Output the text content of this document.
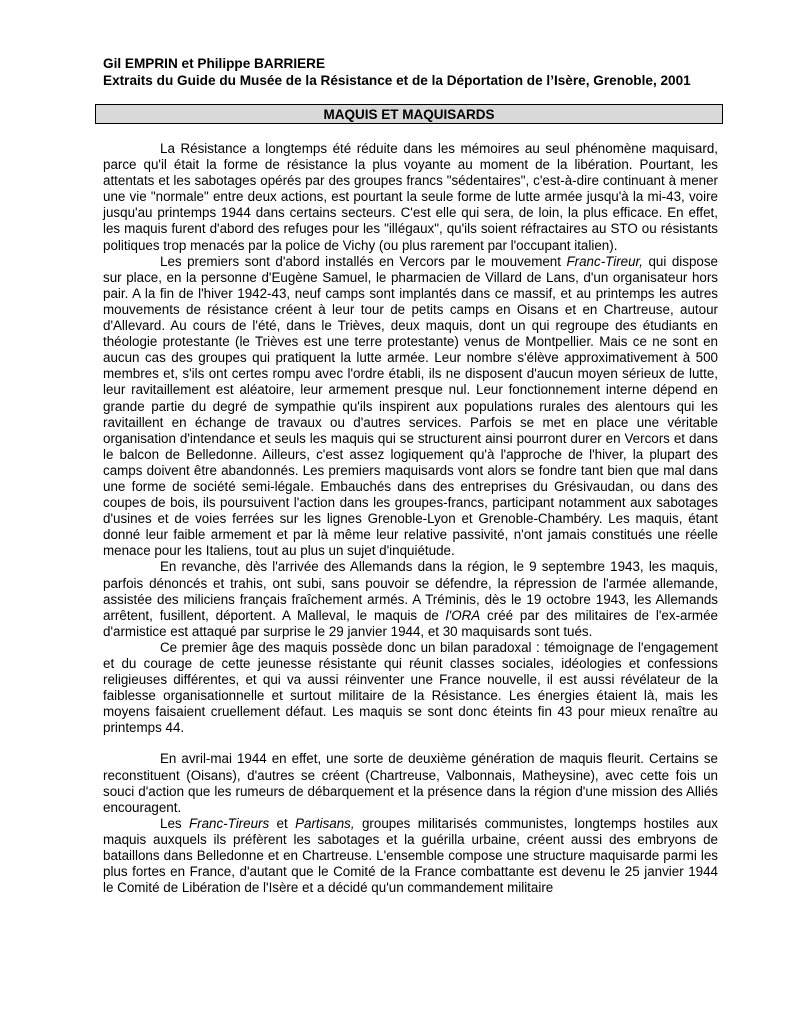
Gil EMPRIN et Philippe BARRIERE
Extraits du Guide du Musée de la Résistance et de la Déportation de l’Isère, Grenoble, 2001
MAQUIS ET MAQUISARDS

La Résistance a longtemps été réduite dans les mémoires au seul phénomène maquisard, parce qu'il était la forme de résistance la plus voyante au moment de la libération. Pourtant, les attentats et les sabotages opérés par des groupes francs "sédentaires", c'est-à-dire continuant à mener une vie "normale" entre deux actions, est pourtant la seule forme de lutte armée jusqu'à la mi-43, voire jusqu'au printemps 1944 dans certains secteurs. C'est elle qui sera, de loin, la plus efficace. En effet, les maquis furent d'abord des refuges pour les "illégaux", qu'ils soient réfractaires au STO ou résistants politiques trop menacés par la police de Vichy (ou plus rarement par l'occupant italien).

Les premiers sont d'abord installés en Vercors par le mouvement Franc-Tireur, qui dispose sur place, en la personne d'Eugène Samuel, le pharmacien de Villard de Lans, d'un organisateur hors pair. A la fin de l'hiver 1942-43, neuf camps sont implantés dans ce massif, et au printemps les autres mouvements de résistance créent à leur tour de petits camps en Oisans et en Chartreuse, autour d'Allevard. Au cours de l'été, dans le Trièves, deux maquis, dont un qui regroupe des étudiants en théologie protestante (le Trièves est une terre protestante) venus de Montpellier. Mais ce ne sont en aucun cas des groupes qui pratiquent la lutte armée. Leur nombre s'élève approximativement à 500 membres et, s'ils ont certes rompu avec l'ordre établi, ils ne disposent d'aucun moyen sérieux de lutte, leur ravitaillement est aléatoire, leur armement presque nul. Leur fonctionnement interne dépend en grande partie du degré de sympathie qu'ils inspirent aux populations rurales des alentours qui les ravitaillent en échange de travaux ou d'autres services. Parfois se met en place une véritable organisation d'intendance et seuls les maquis qui se structurent ainsi pourront durer en Vercors et dans le balcon de Belledonne. Ailleurs, c'est assez logiquement qu'à l'approche de l'hiver, la plupart des camps doivent être abandonnés. Les premiers maquisards vont alors se fondre tant bien que mal dans une forme de société semi-légale. Embauchés dans des entreprises du Grésivaudan, ou dans des coupes de bois, ils poursuivent l'action dans les groupes-francs, participant notamment aux sabotages d'usines et de voies ferrées sur les lignes Grenoble-Lyon et Grenoble-Chambéry. Les maquis, étant donné leur faible armement et par là même leur relative passivité, n'ont jamais constitués une réelle menace pour les Italiens, tout au plus un sujet d'inquiétude.

En revanche, dès l'arrivée des Allemands dans la région, le 9 septembre 1943, les maquis, parfois dénoncés et trahis, ont subi, sans pouvoir se défendre, la répression de l'armée allemande, assistée des miliciens français fraîchement armés. A Tréminis, dès le 19 octobre 1943, les Allemands arrêtent, fusillent, déportent. A Malleval, le maquis de l'ORA créé par des militaires de l'ex-armée d'armistice est attaqué par surprise le 29 janvier 1944, et 30 maquisards sont tués.

Ce premier âge des maquis possède donc un bilan paradoxal : témoignage de l'engagement et du courage de cette jeunesse résistante qui réunit classes sociales, idéologies et confessions religieuses différentes, et qui va aussi réinventer une France nouvelle, il est aussi révélateur de la faiblesse organisationnelle et surtout militaire de la Résistance. Les énergies étaient là, mais les moyens faisaient cruellement défaut. Les maquis se sont donc éteints fin 43 pour mieux renaître au printemps 44.

En avril-mai 1944 en effet, une sorte de deuxième génération de maquis fleurit. Certains se reconstituent (Oisans), d'autres se créent (Chartreuse, Valbonnais, Matheysine), avec cette fois un souci d'action que les rumeurs de débarquement et la présence dans la région d'une mission des Alliés encouragent.

Les Franc-Tireurs et Partisans, groupes militarisés communistes, longtemps hostiles aux maquis auxquels ils préfèrent les sabotages et la guérilla urbaine, créent aussi des embryons de bataillons dans Belledonne et en Chartreuse. L'ensemble compose une structure maquisarde parmi les plus fortes en France, d'autant que le Comité de la France combattante est devenu le 25 janvier 1944 le Comité de Libération de l'Isère et a décidé qu'un commandement militaire
